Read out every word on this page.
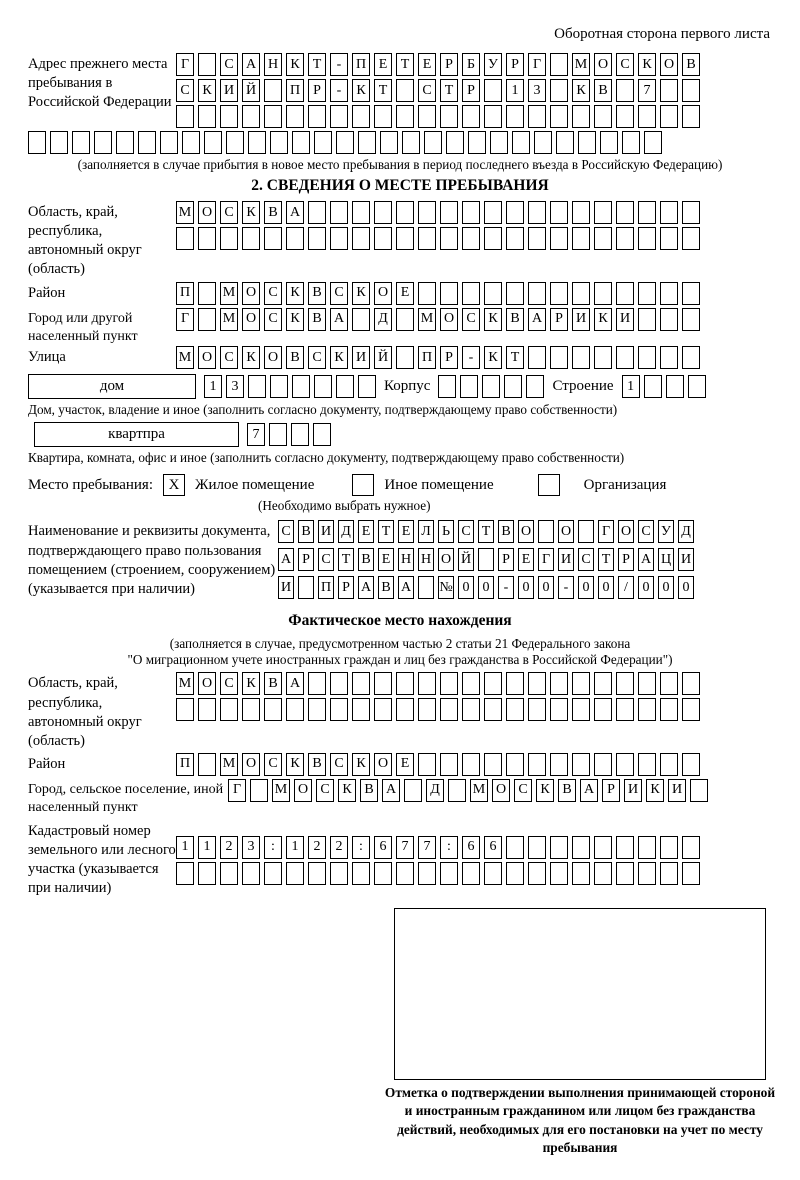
Оборотная сторона первого листа
Адрес прежнего места пребывания в Российской Федерации
Г	С А Н К Т	-	П Е Т Е Р	Б У Р	Г	М О С К О В
С К И Й П Р	-	К Т	С Т Р	1	3	К В	7
(заполняется в случае прибытия в новое место пребывания в период последнего въезда в Российскую Федерацию)
2. СВЕДЕНИЯ О МЕСТЕ ПРЕБЫВАНИЯ
Область, край, республика, автономный округ (область)
М О С К В А
Район	П М О С К В С К О Е
Город или другой населенный пункт
Г	М О С К В А	Д	М О С К В А Р И К И
Улица	М О С К О В С К И Й П Р	-	К Т
дом	1	3	Корпус	Строение 1
Дом, участок, владение и иное (заполнить согласно документу, подтверждающему право собственности)
квартпра	7
Квартира, комната, офис и иное (заполнить согласно документу, подтверждающему право собственности)
Место пребывания:	X	Жилое помещение	Иное помещение	Организация
(Необходимо выбрать нужное)
Наименование и реквизиты документа, подтверждающего право пользования помещением (строением, сооружением) (указывается при наличии)
С В И Д Е Т Е Л Ь С Т В О О Г О С У Д
А Р С Т В Е Н Н О Й Р Е Г И С Т Р А Ц И
И П Р А В А № 0 0	-	0 0	-	0 0	/	0 0 0
Фактическое место нахождения
(заполняется в случае, предусмотренном частью 2 статьи 21 Федерального закона
"О миграционном учете иностранных граждан и лиц без гражданства в Российской Федерации")
Область, край, республика, автономный округ (область)
М О С К В А
Район	П М О С К В С К О Е
Город, сельское поселение, иной населенный пункт
Г	М О С К В А	Д	М О С К В А Р И К И
Кадастровый номер земельного или лесного участка (указывается при наличии)
1	1	2	3	:	1	2	2	:	6	7	7	:	6	6
Отметка о подтверждении выполнения принимающей стороной и иностранным гражданином или лицом без гражданства действий, необходимых для его постановки на учет по месту пребывания
